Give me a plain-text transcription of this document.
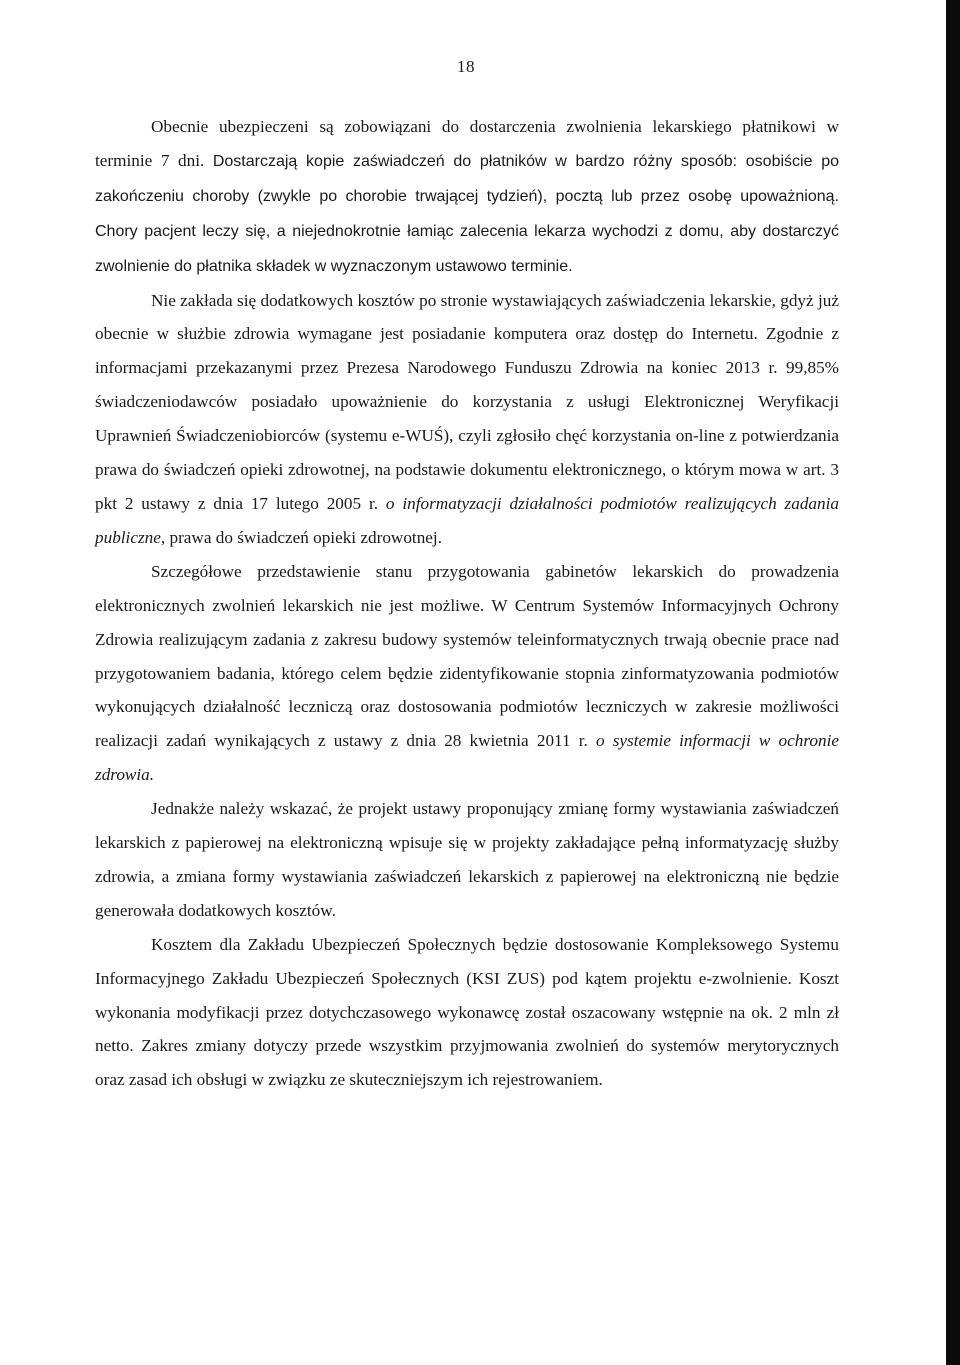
18

Obecnie ubezpieczeni są zobowiązani do dostarczenia zwolnienia lekarskiego płatnikowi w terminie 7 dni. Dostarczają kopie zaświadczeń do płatników w bardzo różny sposób: osobiście po zakończeniu choroby (zwykle po chorobie trwającej tydzień), pocztą lub przez osobę upoważnioną. Chory pacjent leczy się, a niejednokrotnie łamiąc zalecenia lekarza wychodzi z domu, aby dostarczyć zwolnienie do płatnika składek w wyznaczonym ustawowo terminie.

Nie zakłada się dodatkowych kosztów po stronie wystawiających zaświadczenia lekarskie, gdyż już obecnie w służbie zdrowia wymagane jest posiadanie komputera oraz dostęp do Internetu. Zgodnie z informacjami przekazanymi przez Prezesa Narodowego Funduszu Zdrowia na koniec 2013 r. 99,85% świadczeniodawców posiadało upoważnienie do korzystania z usługi Elektronicznej Weryfikacji Uprawnień Świadczeniobiorców (systemu e-WUŚ), czyli zgłosiło chęć korzystania on-line z potwierdzania prawa do świadczeń opieki zdrowotnej, na podstawie dokumentu elektronicznego, o którym mowa w art. 3 pkt 2 ustawy z dnia 17 lutego 2005 r. o informatyzacji działalności podmiotów realizujących zadania publiczne, prawa do świadczeń opieki zdrowotnej.

Szczegółowe przedstawienie stanu przygotowania gabinetów lekarskich do prowadzenia elektronicznych zwolnień lekarskich nie jest możliwe. W Centrum Systemów Informacyjnych Ochrony Zdrowia realizującym zadania z zakresu budowy systemów teleinformatycznych trwają obecnie prace nad przygotowaniem badania, którego celem będzie zidentyfikowanie stopnia zinformatyzowania podmiotów wykonujących działalność leczniczą oraz dostosowania podmiotów leczniczych w zakresie możliwości realizacji zadań wynikających z ustawy z dnia 28 kwietnia 2011 r. o systemie informacji w ochronie zdrowia.

Jednakże należy wskazać, że projekt ustawy proponujący zmianę formy wystawiania zaświadczeń lekarskich z papierowej na elektroniczną wpisuje się w projekty zakładające pełną informatyzację służby zdrowia, a zmiana formy wystawiania zaświadczeń lekarskich z papierowej na elektroniczną nie będzie generowała dodatkowych kosztów.

Kosztem dla Zakładu Ubezpieczeń Społecznych będzie dostosowanie Kompleksowego Systemu Informacyjnego Zakładu Ubezpieczeń Społecznych (KSI ZUS) pod kątem projektu e-zwolnienie. Koszt wykonania modyfikacji przez dotychczasowego wykonawcę został oszacowany wstępnie na ok. 2 mln zł netto. Zakres zmiany dotyczy przede wszystkim przyjmowania zwolnień do systemów merytorycznych oraz zasad ich obsługi w związku ze skuteczniejszym ich rejestrowaniem.
